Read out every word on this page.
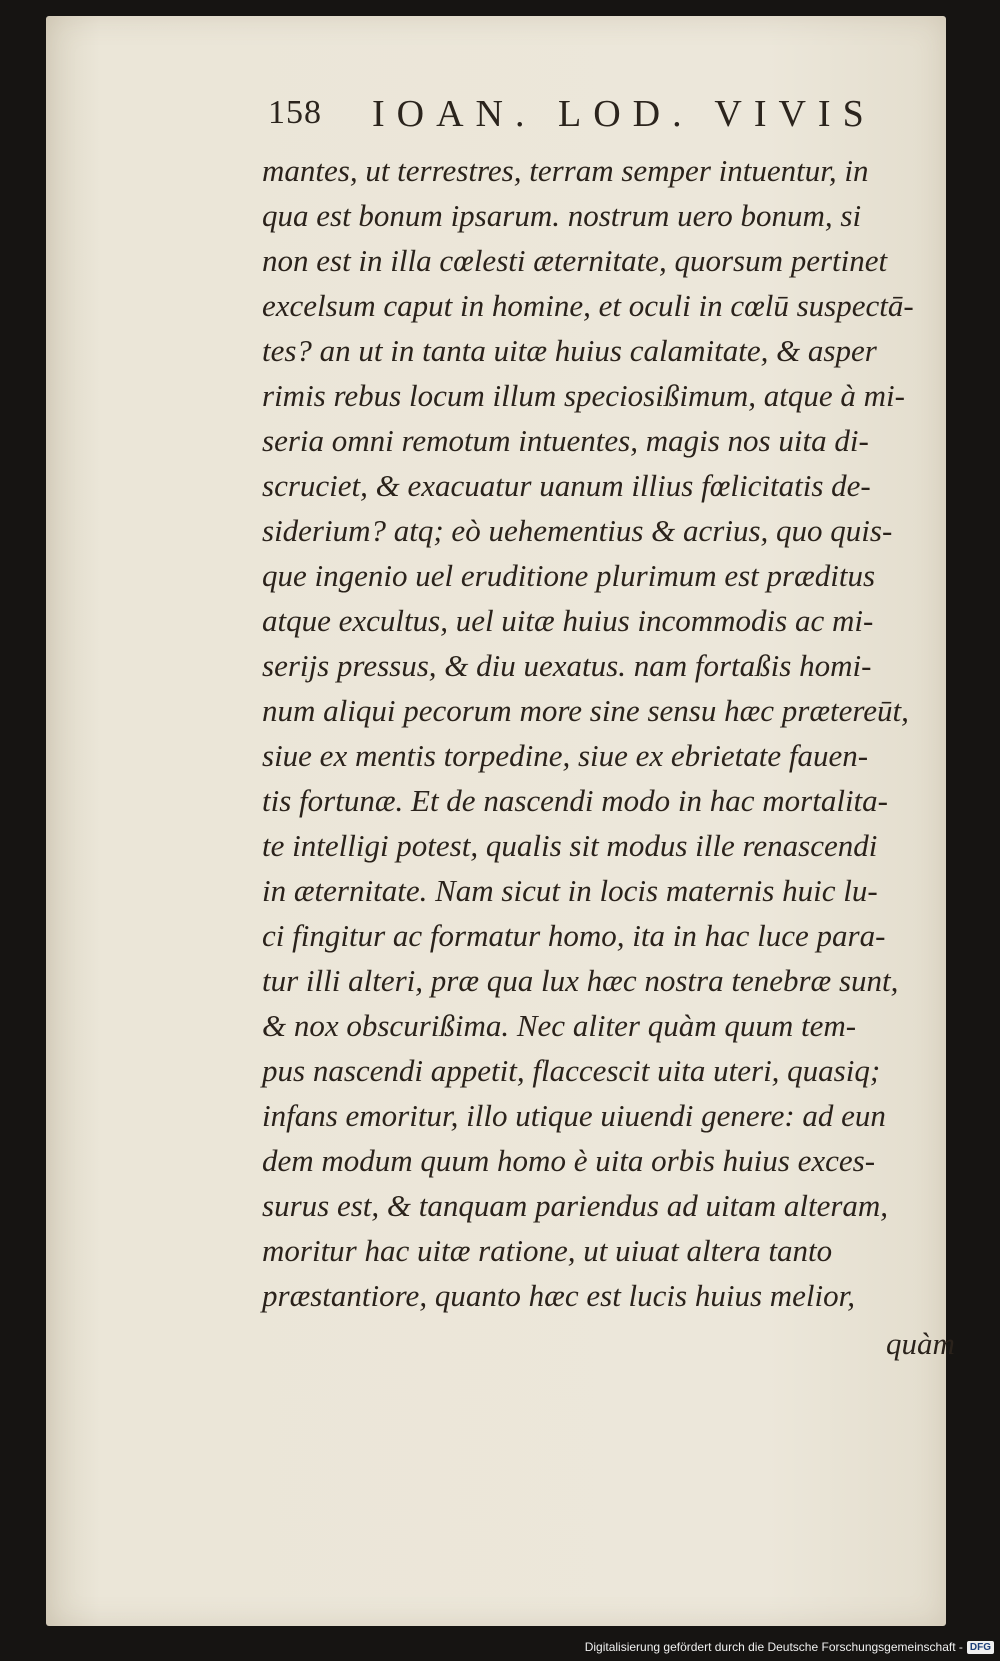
158 IOAN. LOD. VIVIS
mantes, ut terrestres, terram semper intuentur, in
qua est bonum ipsarum. nostrum uero bonum, si
non est in illa cœlesti æternitate, quorsum pertinet
excelsum caput in homine, et oculi in cœlū suspectā-
tes? an ut in tanta uitæ huius calamitate, & asper
rimis rebus locum illum speciosißimum, atque à mi-
seria omni remotum intuentes, magis nos uita di-
scruciet, & exacuatur uanum illius fœlicitatis de-
siderium? atq; eò uehementius & acrius, quo quis-
que ingenio uel eruditione plurimum est præditus
atque excultus, uel uitæ huius incommodis ac mi-
serijs pressus, & diu uexatus. nam fortaßis homi-
num aliqui pecorum more sine sensu hæc prætereūt,
siue ex mentis torpedine, siue ex ebrietate fauen-
tis fortunæ. Et de nascendi modo in hac mortalita-
te intelligi potest, qualis sit modus ille renascendi
in æternitate. Nam sicut in locis maternis huic lu-
ci fingitur ac formatur homo, ita in hac luce para-
tur illi alteri, præ qua lux hæc nostra tenebræ sunt,
& nox obscurißima. Nec aliter quàm quum tem-
pus nascendi appetit, flaccescit uita uteri, quasiq;
infans emoritur, illo utique uiuendi genere: ad eun
dem modum quum homo è uita orbis huius exces-
surus est, & tanquam pariendus ad uitam alteram,
moritur hac uitæ ratione, ut uiuat altera tanto
præstantiore, quanto hæc est lucis huius melior,
quàm
Digitalisierung gefördert durch die Deutsche Forschungsgemeinschaft - DFG
